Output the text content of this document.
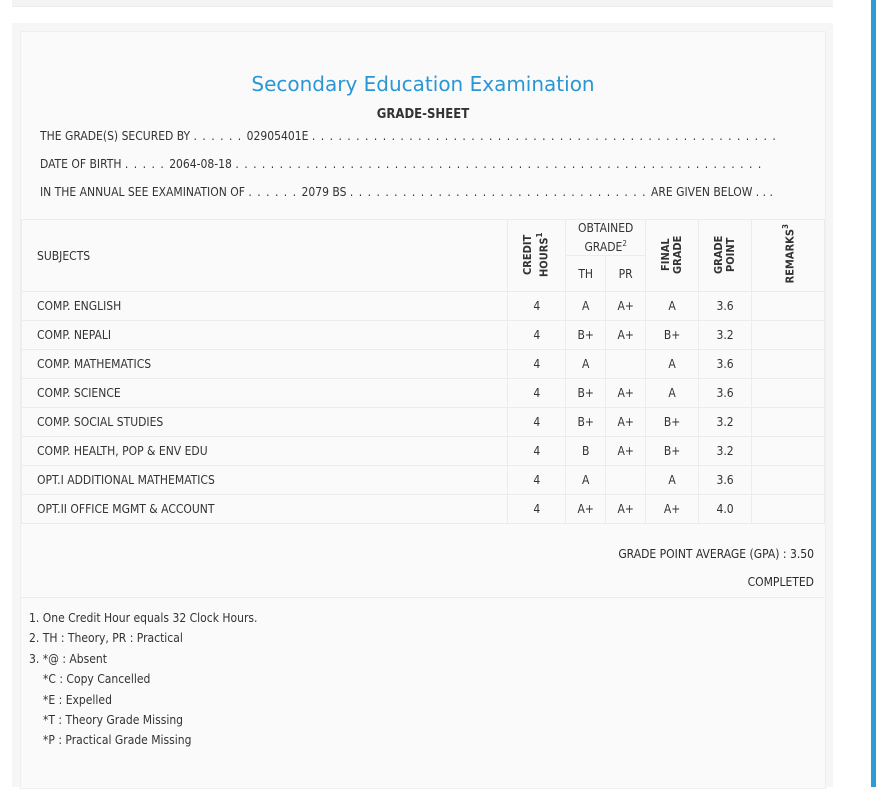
Secondary Education Examination
GRADE-SHEET
THE GRADE(S) SECURED BY . . . . . . 02905401E . . . . . . . . . . . . . . . . . . . . . . . . . . . . . . . . . . . . . . . . . . . . . . . . . . . . .
DATE OF BIRTH . . . . . 2064-08-18 . . . . . . . . . . . . . . . . . . . . . . . . . . . . . . . . . . . . . . . . . . . . . . . . . . . . . . . . . . . .
IN THE ANNUAL SEE EXAMINATION OF . . . . . . 2079 BS . . . . . . . . . . . . . . . . . . . . . . . . . . . . . . . . . . ARE GIVEN BELOW . . .
SUBJECTS	CREDIT HOURS$^1$	OBTAINED GRADE$^2$		FINAL GRADE	GRADE POINT	REMARKS$^3$
		TH	PR			
COMP. ENGLISH	4	A	A+	A	3.6	
COMP. NEPALI	4	B+	A+	B+	3.2	
COMP. MATHEMATICS	4	A		A	3.6	
COMP. SCIENCE	4	B+	A+	A	3.6	
COMP. SOCIAL STUDIES	4	B+	A+	B+	3.2	
COMP. HEALTH, POP & ENV EDU	4	B	A+	B+	3.2	
OPT.I ADDITIONAL MATHEMATICS	4	A		A	3.6	
OPT.II OFFICE MGMT & ACCOUNT	4	A+	A+	A+	4.0	
GRADE POINT AVERAGE (GPA) : 3.50
COMPLETED
1. One Credit Hour equals 32 Clock Hours.
2. TH : Theory, PR : Practical
3. *@ : Absent
*C : Copy Cancelled
*E : Expelled
*T : Theory Grade Missing
*P : Practical Grade Missing
